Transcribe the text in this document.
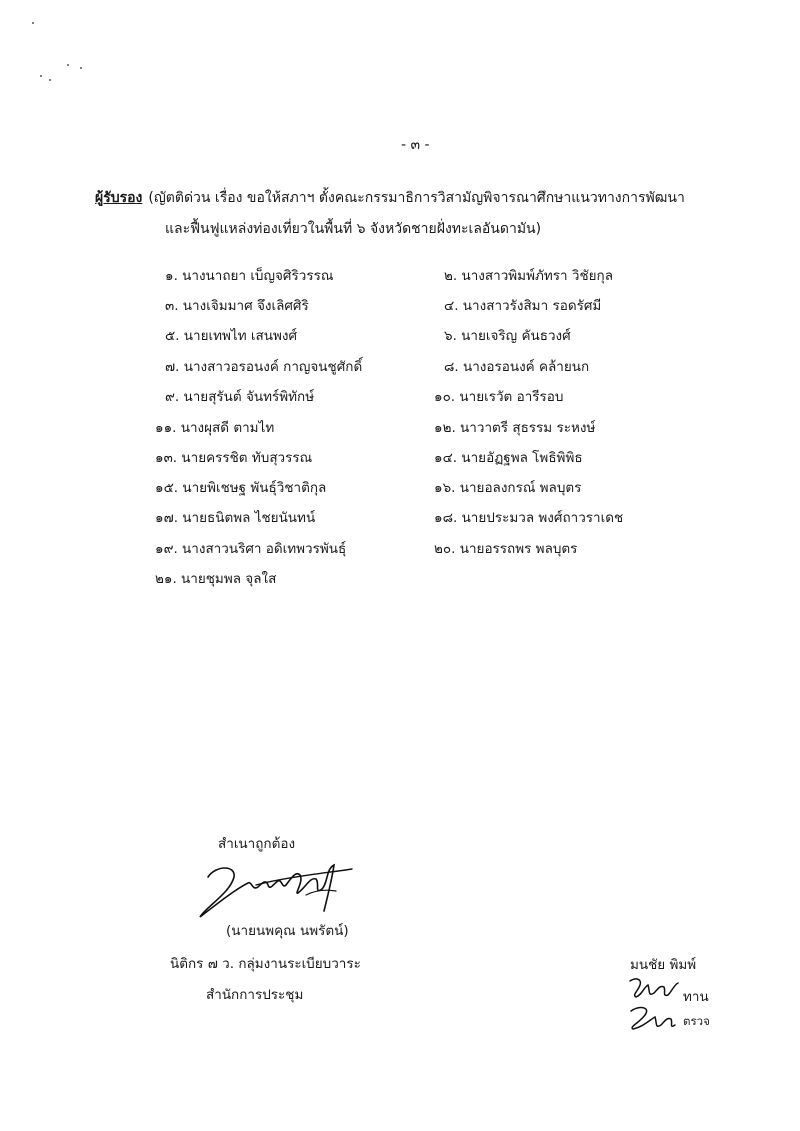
- ๓ -
ผู้รับรอง (ญัตติด่วน เรื่อง ขอให้สภาฯ ตั้งคณะกรรมาธิการวิสามัญพิจารณาศึกษาแนวทางการพัฒนา
และฟื้นฟูแหล่งท่องเที่ยวในพื้นที่ ๖ จังหวัดชายฝั่งทะเลอันดามัน)
๑. นางนาถยา เบ็ญจศิริวรรณ	๒. นางสาวพิมพ์ภัทรา วิชัยกุล
๓. นางเจิมมาศ จึงเลิศศิริ	๔. นางสาวรังสิมา รอดรัศมี
๕. นายเทพไท เสนพงศ์	๖. นายเจริญ คันธวงศ์
๗. นางสาวอรอนงค์ กาญจนชูศักดิ์	๘. นางอรอนงค์ คล้ายนก
๙. นายสุรันต์ จันทร์พิทักษ์	๑๐. นายเรวัต อารีรอบ
๑๑. นางผุสดี ตามไท	๑๒. นาวาตรี สุธรรม ระหงษ์
๑๓. นายครรชิต ทับสุวรรณ	๑๔. นายอัฏฐพล โพธิพิพิธ
๑๕. นายพิเชษฐ พันธุ์วิชาติกุล	๑๖. นายอลงกรณ์ พลบุตร
๑๗. นายธนิตพล ไชยนันทน์	๑๘. นายประมวล พงศ์ถาวราเดช
๑๙. นางสาวนริศา อดิเทพวรพันธุ์	๒๐. นายอรรถพร พลบุตร
๒๑. นายชุมพล จุลใส
สำเนาถูกต้อง
(นายนพคุณ นพรัตน์)
นิติกร ๗ ว. กลุ่มงานระเบียบวาระ
สำนักการประชุม
มนชัย พิมพ์
ทาน
ตรวจ
